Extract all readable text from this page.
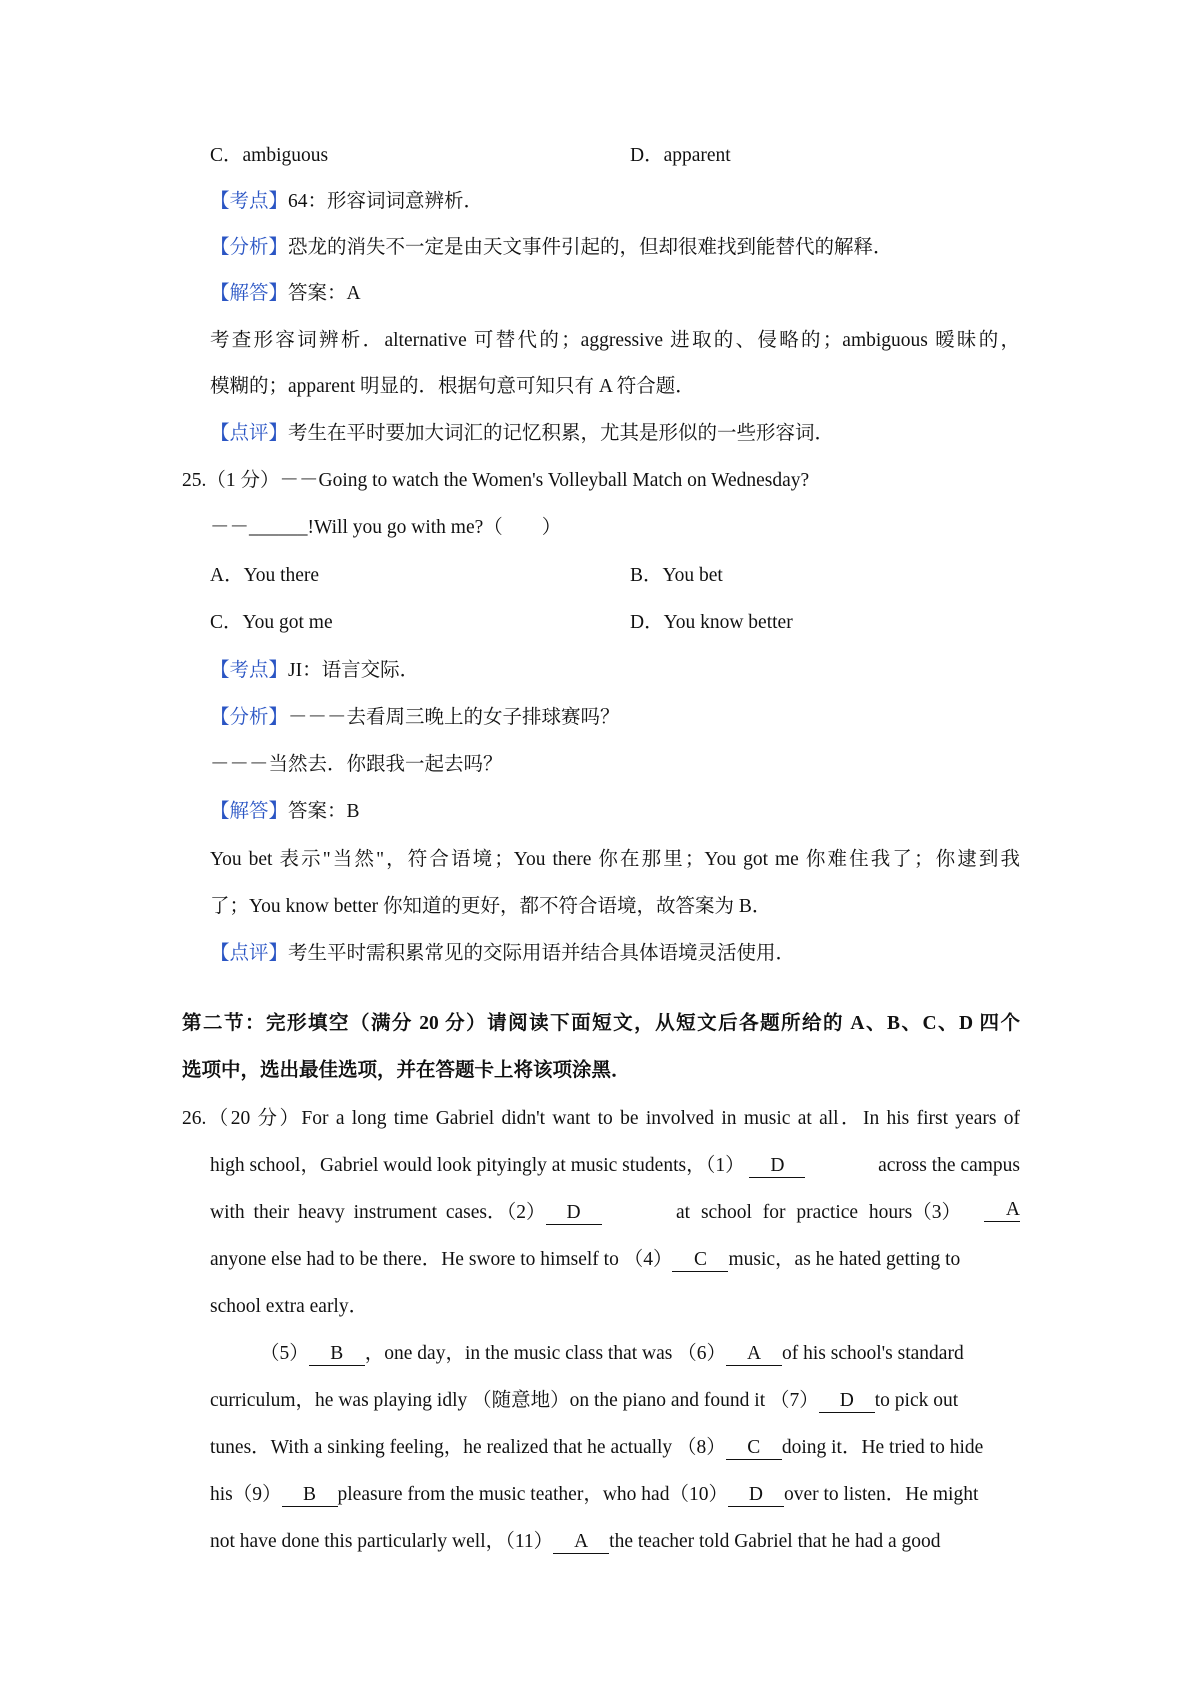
C．ambiguous	D．apparent
【考点】64：形容词词意辨析．
【分析】恐龙的消失不一定是由天文事件引起的，但却很难找到能替代的解释．
【解答】答案：A
考查形容词辨析．alternative 可替代的；aggressive 进取的、侵略的；ambiguous 暧昧的，
模糊的；apparent 明显的．根据句意可知只有 A 符合题．
【点评】考生在平时要加大词汇的记忆积累，尤其是形似的一些形容词．
25.（1 分）－－Going to watch the Women's Volleyball Match on Wednesday?
－－______!Will you go with me?（　　）
A．You there	B．You bet
C．You got me	D．You know better
【考点】JI：语言交际．
【分析】－－－去看周三晚上的女子排球赛吗？
－－－当然去．你跟我一起去吗？
【解答】答案：B
You bet 表示"当然"，符合语境；You there 你在那里；You got me 你难住我了；你逮到我
了；You know better 你知道的更好，都不符合语境，故答案为 B．
【点评】考生平时需积累常见的交际用语并结合具体语境灵活使用．
第二节：完形填空（满分 20 分）请阅读下面短文，从短文后各题所给的 A、B、C、D 四个
选项中，选出最佳选项，并在答题卡上将该项涂黑．
26.（20 分）For a long time Gabriel didn't want to be involved in music at all．In his first years of
high school，Gabriel would look pityingly at music students，（1） D	across the campus
with their heavy instrument cases．（2） D	at school for practice hours（3）	A
anyone else had to be there．He swore to himself to （4） C music，as he hated getting to
school extra early．
（5） B ，one day，in the music class that was （6） A of his school's standard
curriculum，he was playing idly （随意地）on the piano and found it （7） D to pick out
tunes．With a sinking feeling，he realized that he actually （8） C doing it．He tried to hide
his（9） B pleasure from the music teather，who had（10） D over to listen．He might
not have done this particularly well，（11） A the teacher told Gabriel that he had a good
